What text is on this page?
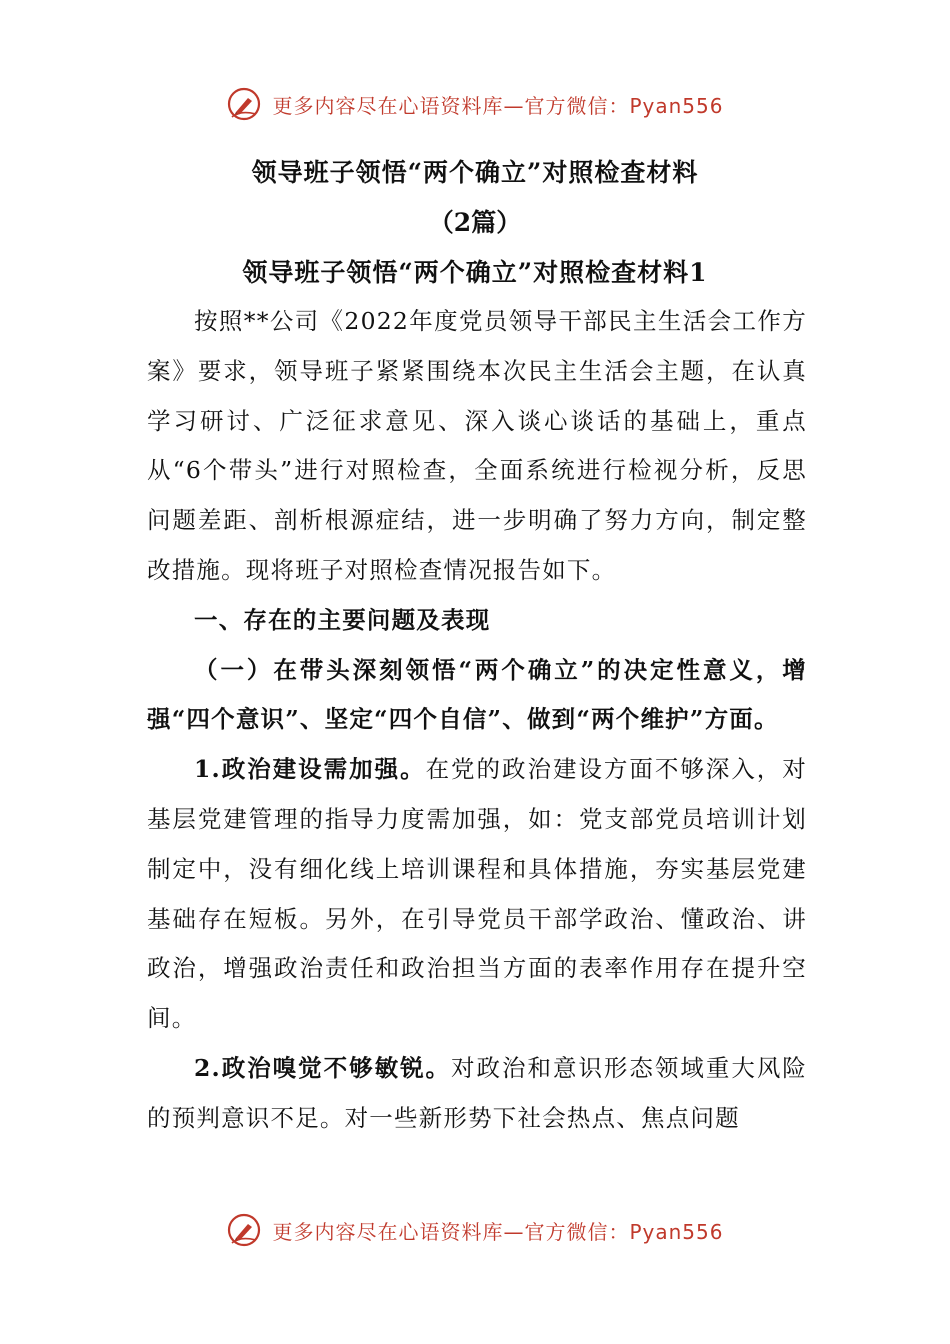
更多内容尽在心语资料库—官方微信：Pyan556
领导班子领悟“两个确立”对照检查材料
（2篇）
领导班子领悟“两个确立”对照检查材料1

按照**公司《2022年度党员领导干部民主生活会工作方案》要求，领导班子紧紧围绕本次民主生活会主题，在认真学习研讨、广泛征求意见、深入谈心谈话的基础上，重点从“6个带头”进行对照检查，全面系统进行检视分析，反思问题差距、剖析根源症结，进一步明确了努力方向，制定整改措施。现将班子对照检查情况报告如下。

一、存在的主要问题及表现

（一）在带头深刻领悟“两个确立”的决定性意义，增强“四个意识”、坚定“四个自信”、做到“两个维护”方面。

1.政治建设需加强。在党的政治建设方面不够深入，对基层党建管理的指导力度需加强，如：党支部党员培训计划制定中，没有细化线上培训课程和具体措施，夯实基层党建基础存在短板。另外，在引导党员干部学政治、懂政治、讲政治，增强政治责任和政治担当方面的表率作用存在提升空间。

2.政治嗅觉不够敏锐。对政治和意识形态领域重大风险的预判意识不足。对一些新形势下社会热点、焦点问题

更多内容尽在心语资料库—官方微信：Pyan556
